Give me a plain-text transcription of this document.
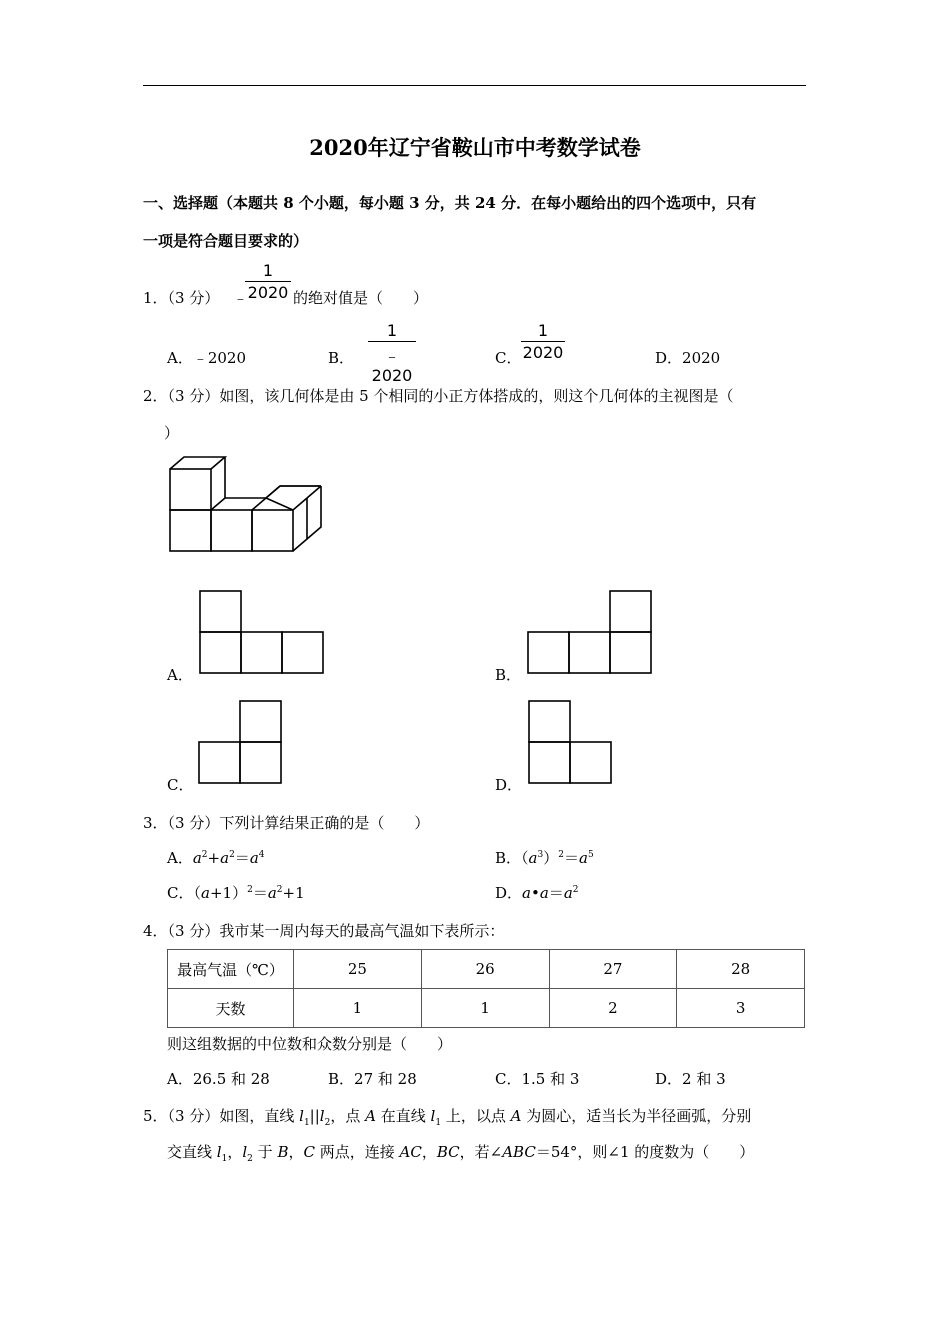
2020年辽宁省鞍山市中考数学试卷
一、选择题（本题共 8 个小题，每小题 3 分，共 24 分．在每小题给出的四个选项中，只有
一项是符合题目要求的）
1．（3 分） ﹣
1
2020 的绝对值是（　　）
A．﹣2020	B．
1
﹣2020
C．
1
2020	D．2020
2．（3 分）如图，该几何体是由 5 个相同的小正方体搭成的，则这个几何体的主视图是（
）
A．	B．
C．	D．
3．（3 分）下列计算结果正确的是（　　）
A．$a^2+a^2=a^4$	B．$(a^3)^2=a^5$
C．$(a+1)^2=a^2+1$	D．$a•a=a^2$
4．（3 分）我市某一周内每天的最高气温如下表所示：
最高气温（℃）	25	26	27	28
天数	1	1	2	3
则这组数据的中位数和众数分别是（　　）
A．26.5 和 28	B．27 和 28	C．1.5 和 3	D．2 和 3
5．（3 分）如图，直线 $l_1||l_2$，点 A 在直线 $l_1$ 上，以点 A 为圆心，适当长为半径画弧，分别
交直线 $l_1$，$l_2$ 于 B，C 两点，连接 AC，BC，若∠ABC＝54°，则∠1 的度数为（　　）
